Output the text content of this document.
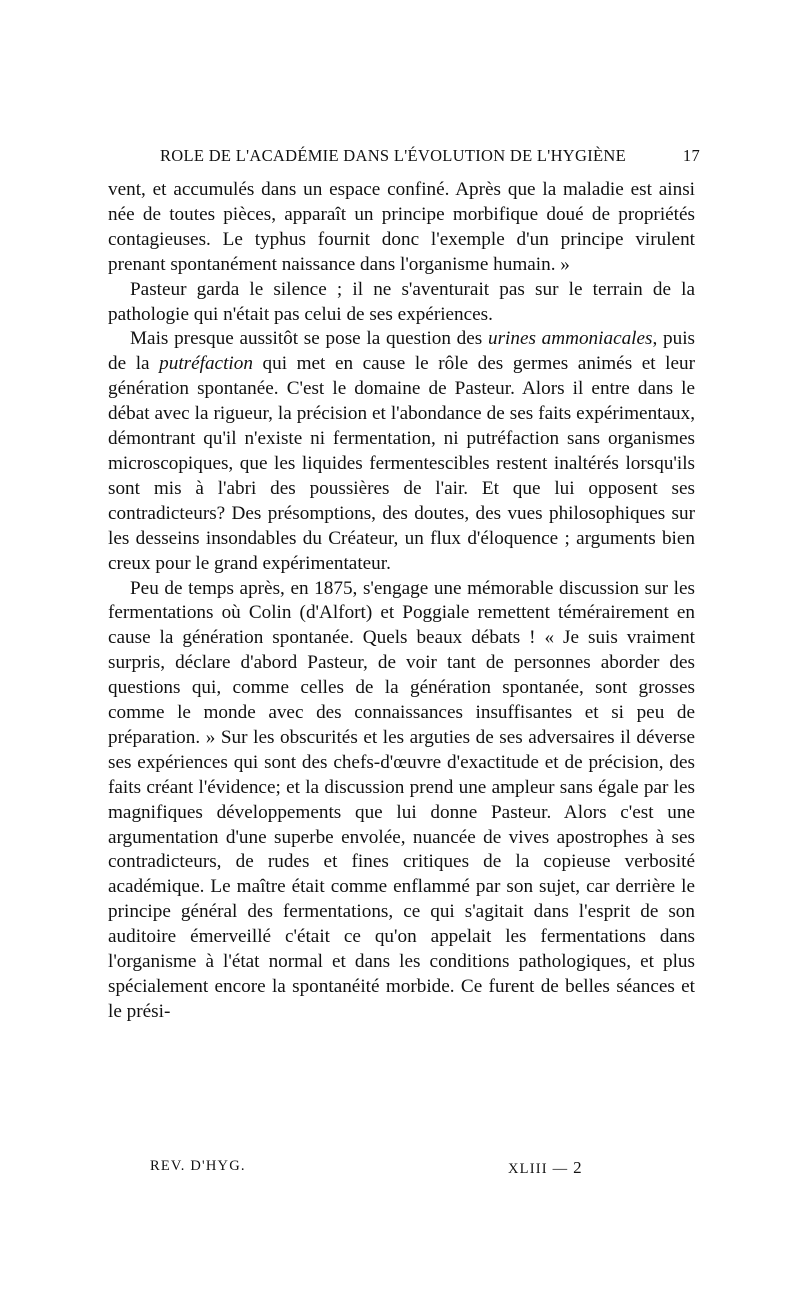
ROLE DE L'ACADÉMIE DANS L'ÉVOLUTION DE L'HYGIÈNE	17

vent, et accumulés dans un espace confiné. Après que la maladie est ainsi née de toutes pièces, apparaît un principe morbifique doué de propriétés contagieuses. Le typhus fournit donc l'exemple d'un principe virulent prenant spontanément naissance dans l'organisme humain. »

Pasteur garda le silence ; il ne s'aventurait pas sur le terrain de la pathologie qui n'était pas celui de ses expériences.

Mais presque aussitôt se pose la question des urines ammoniacales, puis de la putréfaction qui met en cause le rôle des germes animés et leur génération spontanée. C'est le domaine de Pasteur. Alors il entre dans le débat avec la rigueur, la précision et l'abondance de ses faits expérimentaux, démontrant qu'il n'existe ni fermentation, ni putréfaction sans organismes microscopiques, que les liquides fermentescibles restent inaltérés lorsqu'ils sont mis à l'abri des poussières de l'air. Et que lui opposent ses contradicteurs? Des présomptions, des doutes, des vues philosophiques sur les desseins insondables du Créateur, un flux d'éloquence ; arguments bien creux pour le grand expérimentateur.

Peu de temps après, en 1875, s'engage une mémorable discussion sur les fermentations où Colin (d'Alfort) et Poggiale remettent témérairement en cause la génération spontanée. Quels beaux débats ! « Je suis vraiment surpris, déclare d'abord Pasteur, de voir tant de personnes aborder des questions qui, comme celles de la génération spontanée, sont grosses comme le monde avec des connaissances insuffisantes et si peu de préparation. » Sur les obscurités et les arguties de ses adversaires il déverse ses expériences qui sont des chefs-d'œuvre d'exactitude et de précision, des faits créant l'évidence; et la discussion prend une ampleur sans égale par les magnifiques développements que lui donne Pasteur. Alors c'est une argumentation d'une superbe envolée, nuancée de vives apostrophes à ses contradicteurs, de rudes et fines critiques de la copieuse verbosité académique. Le maître était comme enflammé par son sujet, car derrière le principe général des fermentations, ce qui s'agitait dans l'esprit de son auditoire émerveillé c'était ce qu'on appelait les fermentations dans l'organisme à l'état normal et dans les conditions pathologiques, et plus spécialement encore la spontanéité morbide. Ce furent de belles séances et le prési-

REV. D'HYG.	XLIII — 2
